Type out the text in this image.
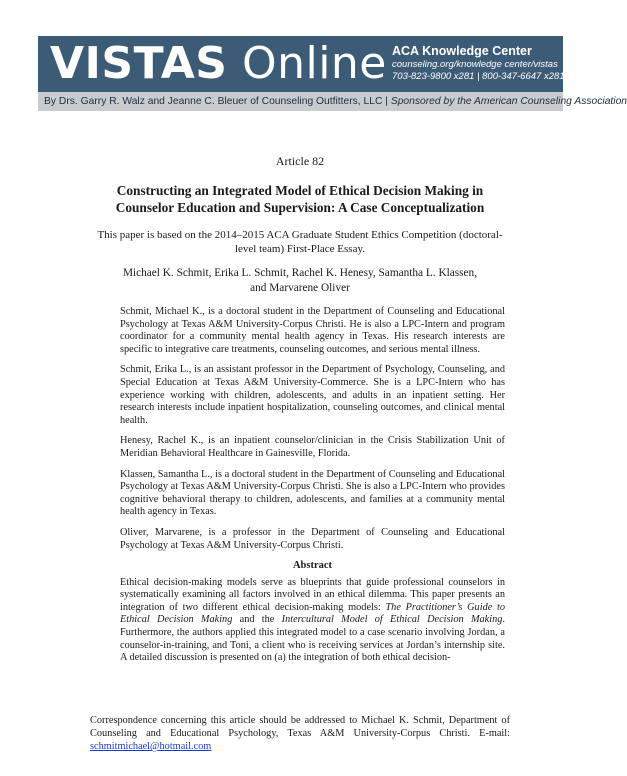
VISTAS Online ACA Knowledge Center
counseling.org/knowledge center/vistas
703-823-9800 x281 | 800-347-6647 x281
By Drs. Garry R. Walz and Jeanne C. Bleuer of Counseling Outfitters, LLC | Sponsored by the American Counseling Association
Article 82
Constructing an Integrated Model of Ethical Decision Making in Counselor Education and Supervision: A Case Conceptualization
This paper is based on the 2014–2015 ACA Graduate Student Ethics Competition (doctoral-level team) First-Place Essay.
Michael K. Schmit, Erika L. Schmit, Rachel K. Henesy, Samantha L. Klassen,
and Marvarene Oliver

Schmit, Michael K., is a doctoral student in the Department of Counseling and Educational Psychology at Texas A&M University-Corpus Christi. He is also a LPC-Intern and program coordinator for a community mental health agency in Texas. His research interests are specific to integrative care treatments, counseling outcomes, and serious mental illness.

Schmit, Erika L., is an assistant professor in the Department of Psychology, Counseling, and Special Education at Texas A&M University-Commerce. She is a LPC-Intern who has experience working with children, adolescents, and adults in an inpatient setting. Her research interests include inpatient hospitalization, counseling outcomes, and clinical mental health.

Henesy, Rachel K., is an inpatient counselor/clinician in the Crisis Stabilization Unit of Meridian Behavioral Healthcare in Gainesville, Florida.

Klassen, Samantha L., is a doctoral student in the Department of Counseling and Educational Psychology at Texas A&M University-Corpus Christi. She is also a LPC-Intern who provides cognitive behavioral therapy to children, adolescents, and families at a community mental health agency in Texas.

Oliver, Marvarene, is a professor in the Department of Counseling and Educational Psychology at Texas A&M University-Corpus Christi.

Abstract

Ethical decision-making models serve as blueprints that guide professional counselors in systematically examining all factors involved in an ethical dilemma. This paper presents an integration of two different ethical decision-making models: The Practitioner’s Guide to Ethical Decision Making and the Intercultural Model of Ethical Decision Making. Furthermore, the authors applied this integrated model to a case scenario involving Jordan, a counselor-in-training, and Toni, a client who is receiving services at Jordan’s internship site. A detailed discussion is presented on (a) the integration of both ethical decision-

Correspondence concerning this article should be addressed to Michael K. Schmit, Department of Counseling and Educational Psychology, Texas A&M University-Corpus Christi. E-mail: schmitmichael@hotmail.com
